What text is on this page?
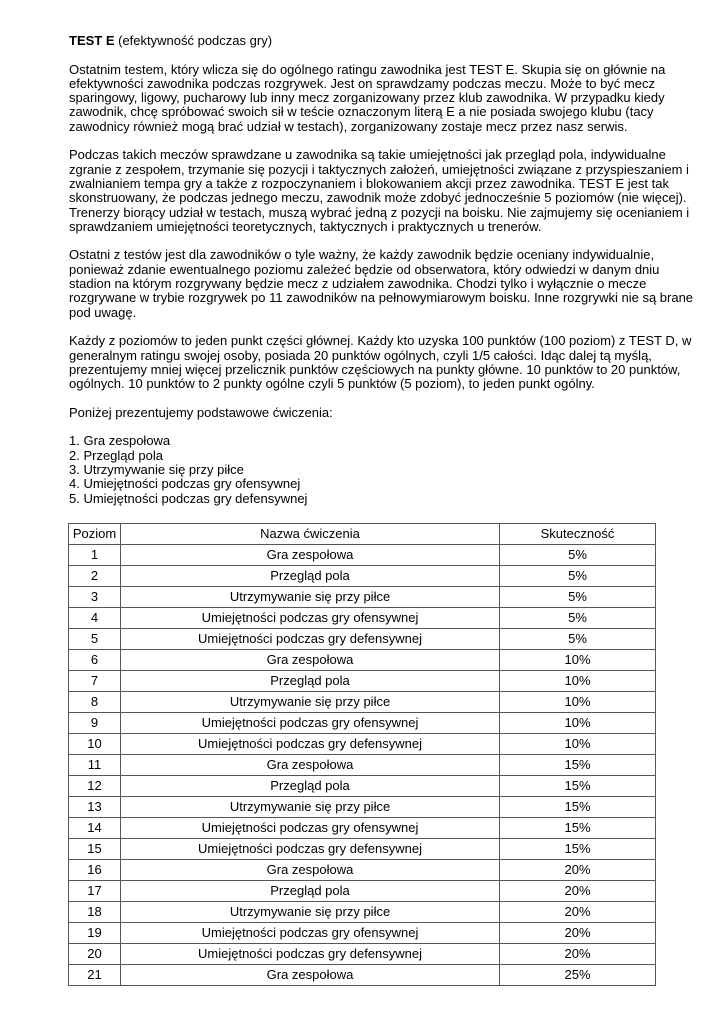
TEST E (efektywność podczas gry)
Ostatnim testem, który wlicza się do ogólnego ratingu zawodnika jest TEST E. Skupia się on głównie na
efektywności zawodnika podczas rozgrywek. Jest on sprawdzamy podczas meczu. Może to być mecz
sparingowy, ligowy, pucharowy lub inny mecz zorganizowany przez klub zawodnika. W przypadku kiedy
zawodnik, chcę spróbować swoich sił w teście oznaczonym literą E a nie posiada swojego klubu (tacy
zawodnicy również mogą brać udział w testach), zorganizowany zostaje mecz przez nasz serwis.
Podczas takich meczów sprawdzane u zawodnika są takie umiejętności jak przegląd pola, indywidualne
zgranie z zespołem, trzymanie się pozycji i taktycznych założeń, umiejętności związane z przyspieszaniem i
zwalnianiem tempa gry a także z rozpoczynaniem i blokowaniem akcji przez zawodnika. TEST E jest tak
skonstruowany, że podczas jednego meczu, zawodnik może zdobyć jednocześnie 5 poziomów (nie więcej).
Trenerzy biorący udział w testach, muszą wybrać jedną z pozycji na boisku. Nie zajmujemy się ocenianiem i
sprawdzaniem umiejętności teoretycznych, taktycznych i praktycznych u trenerów.
Ostatni z testów jest dla zawodników o tyle ważny, że każdy zawodnik będzie oceniany indywidualnie,
ponieważ zdanie ewentualnego poziomu zależeć będzie od obserwatora, który odwiedzi w danym dniu
stadion na którym rozgrywany będzie mecz z udziałem zawodnika. Chodzi tylko i wyłącznie o mecze
rozgrywane w trybie rozgrywek po 11 zawodników na pełnowymiarowym boisku. Inne rozgrywki nie są brane
pod uwagę.
Każdy z poziomów to jeden punkt części głównej. Każdy kto uzyska 100 punktów (100 poziom) z TEST D, w
generalnym ratingu swojej osoby, posiada 20 punktów ogólnych, czyli 1/5 całości. Idąc dalej tą myślą,
prezentujemy mniej więcej przelicznik punktów częściowych na punkty główne. 10 punktów to 20 punktów,
ogólnych. 10 punktów to 2 punkty ogólne czyli 5 punktów (5 poziom), to jeden punkt ogólny.
Poniżej prezentujemy podstawowe ćwiczenia:
1. Gra zespołowa
2. Przegląd pola
3. Utrzymywanie się przy piłce
4. Umiejętności podczas gry ofensywnej
5. Umiejętności podczas gry defensywnej
Poziom	Nazwa ćwiczenia	Skuteczność
1	Gra zespołowa	5%
2	Przegląd pola	5%
3	Utrzymywanie się przy piłce	5%
4	Umiejętności podczas gry ofensywnej	5%
5	Umiejętności podczas gry defensywnej	5%
6	Gra zespołowa	10%
7	Przegląd pola	10%
8	Utrzymywanie się przy piłce	10%
9	Umiejętności podczas gry ofensywnej	10%
10	Umiejętności podczas gry defensywnej	10%
11	Gra zespołowa	15%
12	Przegląd pola	15%
13	Utrzymywanie się przy piłce	15%
14	Umiejętności podczas gry ofensywnej	15%
15	Umiejętności podczas gry defensywnej	15%
16	Gra zespołowa	20%
17	Przegląd pola	20%
18	Utrzymywanie się przy piłce	20%
19	Umiejętności podczas gry ofensywnej	20%
20	Umiejętności podczas gry defensywnej	20%
21	Gra zespołowa	25%
